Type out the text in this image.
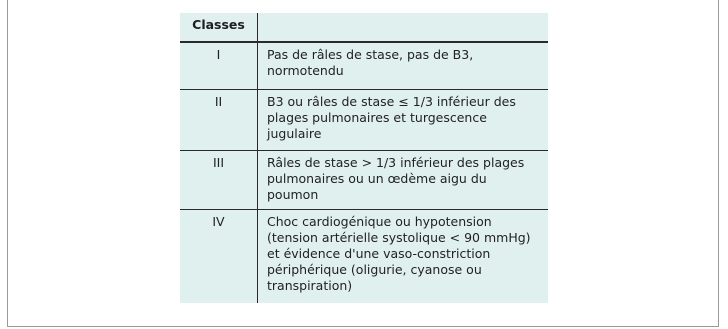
Classes
I	Pas de râles de stase, pas de B3, normotendu
II	B3 ou râles de stase ≤ 1/3 inférieur des plages pulmonaires et turgescence jugulaire
III	Râles de stase > 1/3 inférieur des plages pulmonaires ou un œdème aigu du poumon
IV	Choc cardiogénique ou hypotension (tension artérielle systolique < 90 mmHg) et évidence d'une vaso-constriction périphérique (oligurie, cyanose ou transpiration)
